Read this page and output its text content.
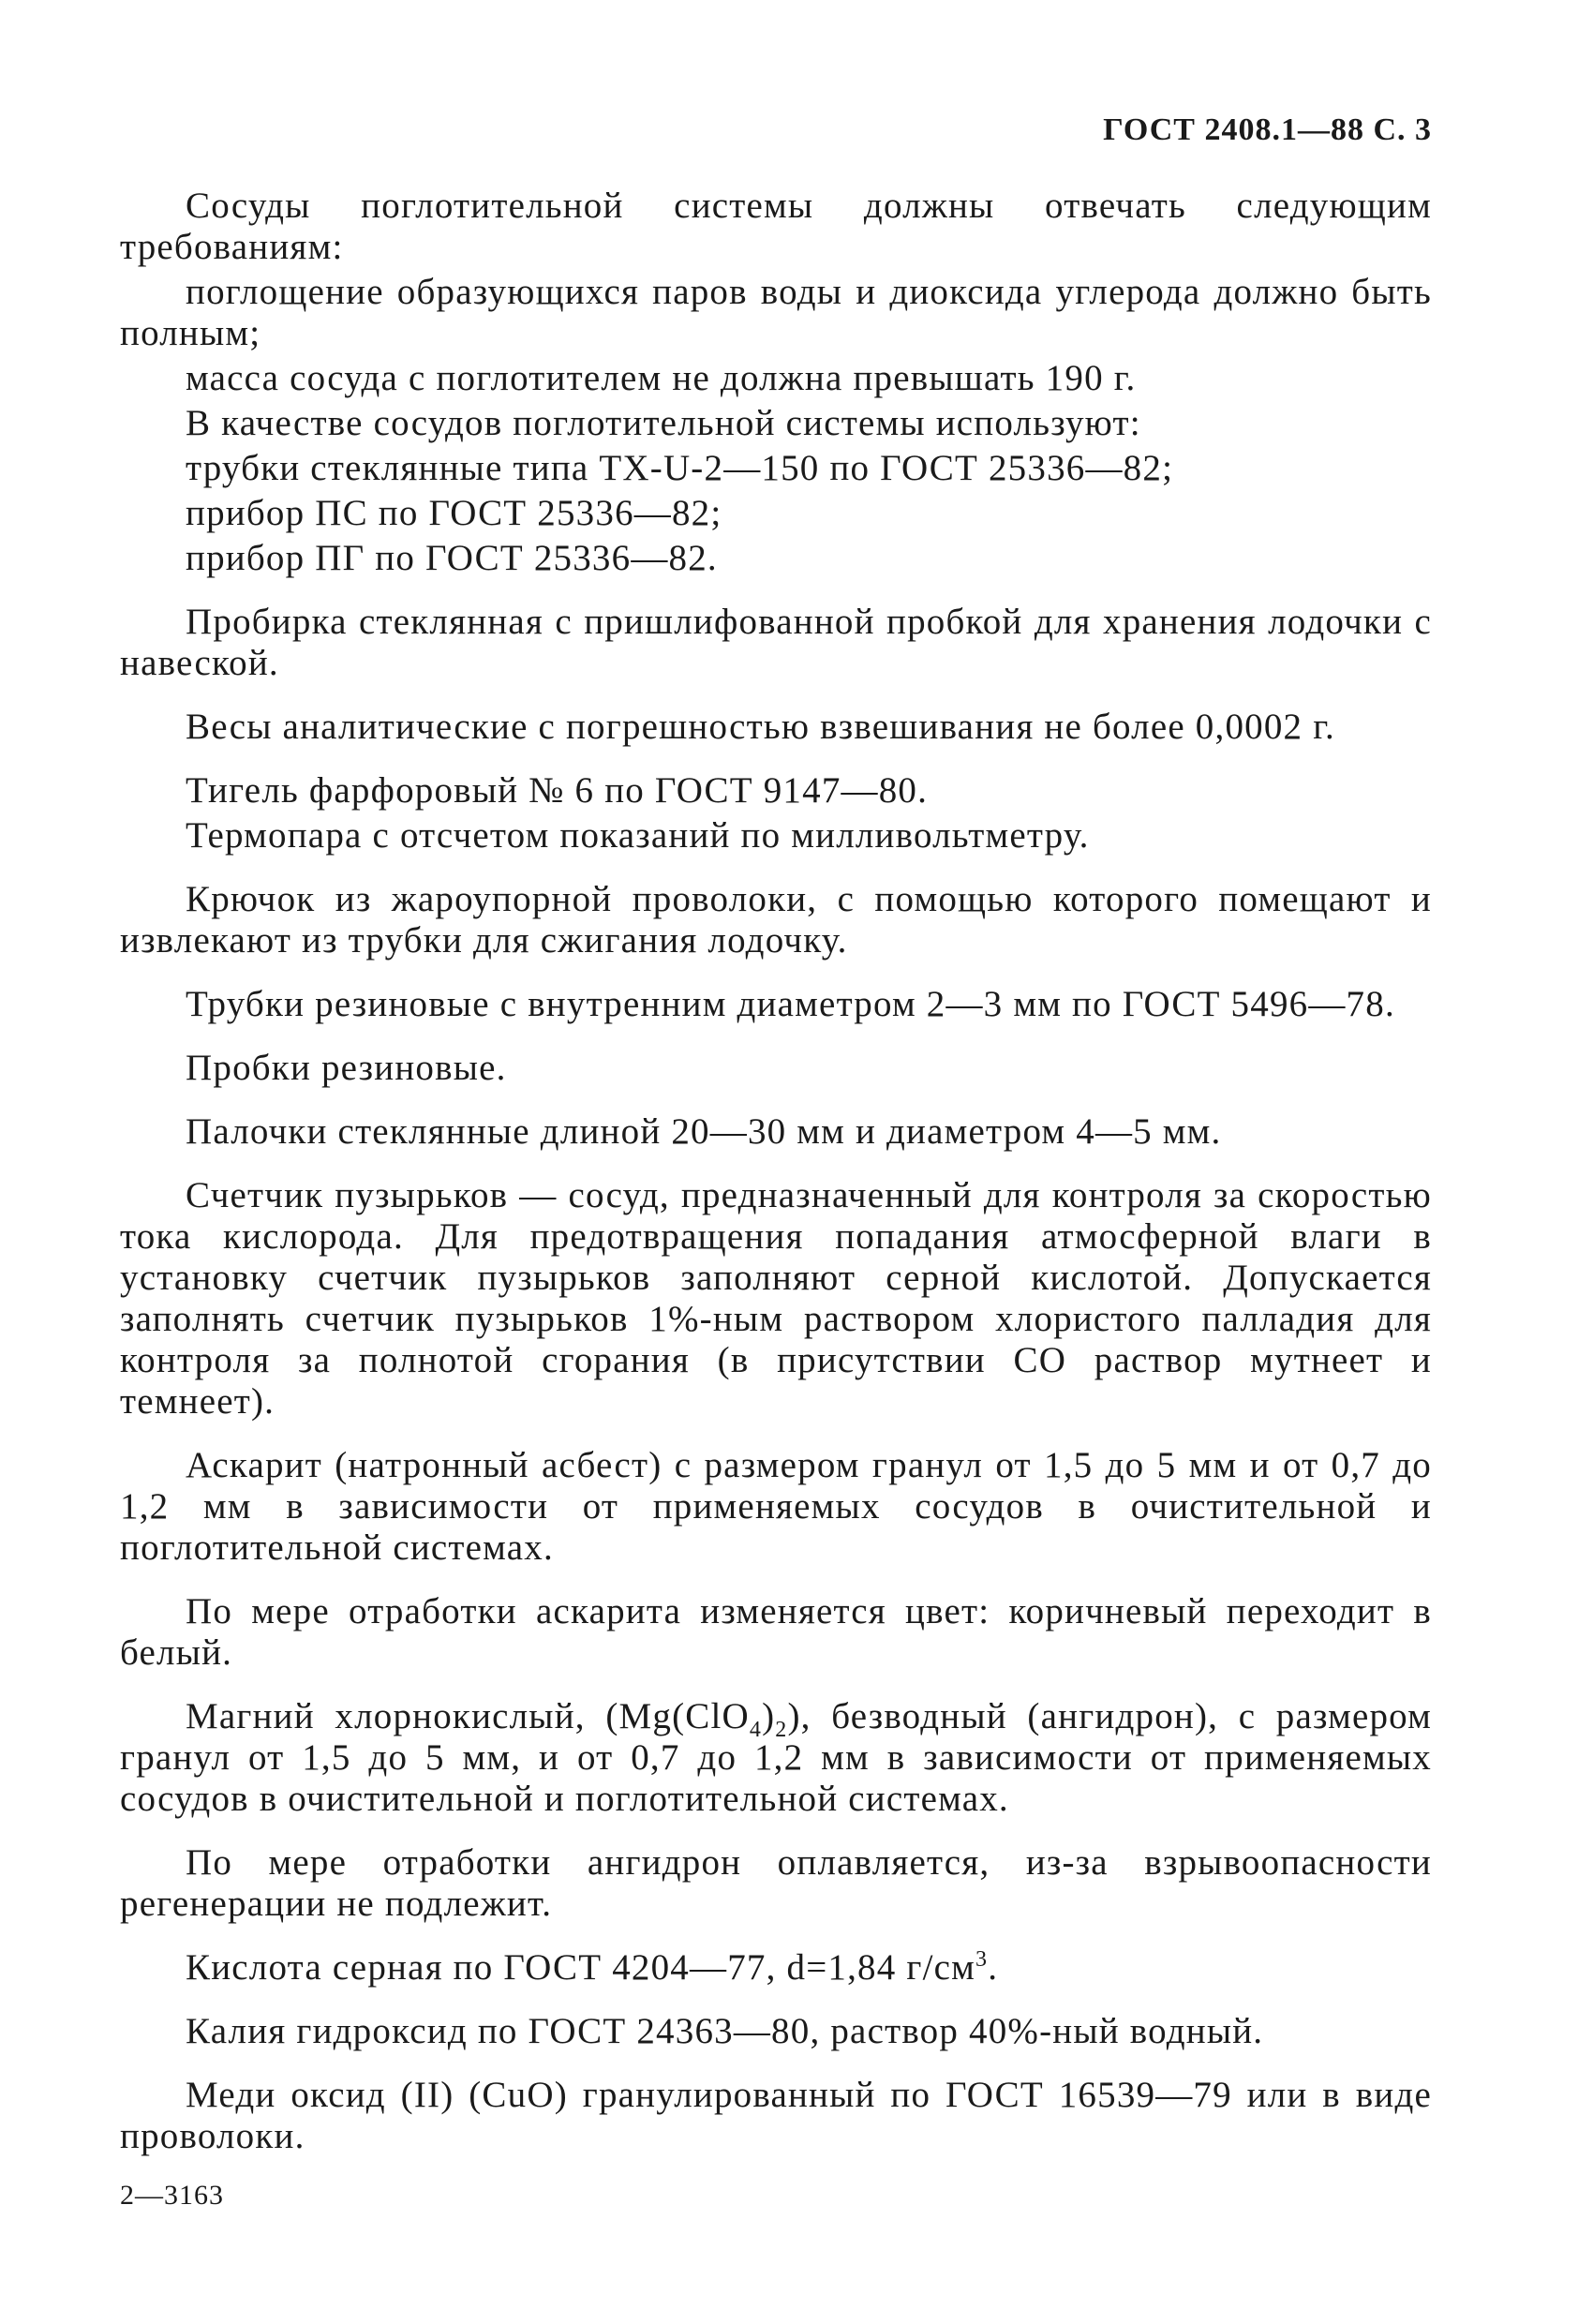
ГОСТ 2408.1—88 С. 3

Сосуды поглотительной системы должны отвечать следующим требованиям:

поглощение образующихся паров воды и диоксида углерода должно быть полным;

масса сосуда с поглотителем не должна превышать 190 г.

В качестве сосудов поглотительной системы используют:

трубки стеклянные типа ТХ-U-2—150 по ГОСТ 25336—82;

прибор ПС по ГОСТ 25336—82;

прибор ПГ по ГОСТ 25336—82.

Пробирка стеклянная с пришлифованной пробкой для хранения лодочки с навеской.

Весы аналитические с погрешностью взвешивания не более 0,0002 г.

Тигель фарфоровый № 6 по ГОСТ 9147—80.

Термопара с отсчетом показаний по милливольтметру.

Крючок из жароупорной проволоки, с помощью которого помещают и извлекают из трубки для сжигания лодочку.

Трубки резиновые с внутренним диаметром 2—3 мм по ГОСТ 5496—78.

Пробки резиновые.

Палочки стеклянные длиной 20—30 мм и диаметром 4—5 мм.

Счетчик пузырьков — сосуд, предназначенный для контроля за скоростью тока кислорода. Для предотвращения попадания атмосферной влаги в установку счетчик пузырьков заполняют серной кислотой. Допускается заполнять счетчик пузырьков 1%-ным раствором хлористого палладия для контроля за полнотой сгорания (в присутствии СО раствор мутнеет и темнеет).

Аскарит (натронный асбест) с размером гранул от 1,5 до 5 мм и от 0,7 до 1,2 мм в зависимости от применяемых сосудов в очистительной и поглотительной системах.

По мере отработки аскарита изменяется цвет: коричневый переходит в белый.

Магний хлорнокислый, $(Mg(ClO_4)_2)$, безводный (ангидрон), с размером гранул от 1,5 до 5 мм, и от 0,7 до 1,2 мм в зависимости от применяемых сосудов в очистительной и поглотительной системах.

По мере отработки ангидрон оплавляется, из-за взрывоопасности регенерации не подлежит.

Кислота серная по ГОСТ 4204—77, d=1,84 $г/см^3$.

Калия гидроксид по ГОСТ 24363—80, раствор 40%-ный водный.

Меди оксид (II) (CuO) гранулированный по ГОСТ 16539—79 или в виде проволоки.

2—3163
